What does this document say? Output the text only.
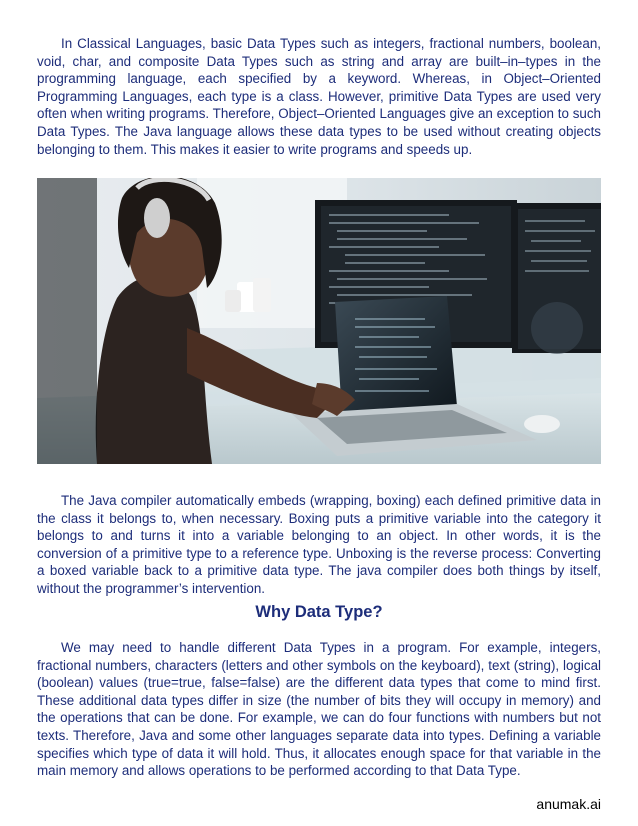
In Classical Languages, basic Data Types such as integers, fractional numbers, boolean, void, char, and composite Data Types such as string and array are built–in–types in the programming language, each specified by a keyword. Whereas, in Object–Oriented Programming Languages, each type is a class. However, primitive Data Types are used very often when writing programs. Therefore, Object–Oriented Languages give an exception to such Data Types. The Java language allows these data types to be used without creating objects belonging to them. This makes it easier to write programs and speeds up.

The Java compiler automatically embeds (wrapping, boxing) each defined primitive data in the class it belongs to, when necessary. Boxing puts a primitive variable into the category it belongs to and turns it into a variable belonging to an object. In other words, it is the conversion of a primitive type to a reference type. Unboxing is the reverse process: Converting a boxed variable back to a primitive data type. The java compiler does both things by itself, without the programmer’s intervention.

Why Data Type?

We may need to handle different Data Types in a program. For example, integers, fractional numbers, characters (letters and other symbols on the keyboard), text (string), logical (boolean) values (true=true, false=false) are the different data types that come to mind first. These additional data types differ in size (the number of bits they will occupy in memory) and the operations that can be done. For example, we can do four functions with numbers but not texts. Therefore, Java and some other languages separate data into types. Defining a variable specifies which type of data it will hold. Thus, it allocates enough space for that variable in the main memory and allows operations to be performed according to that Data Type.

anumak.ai
